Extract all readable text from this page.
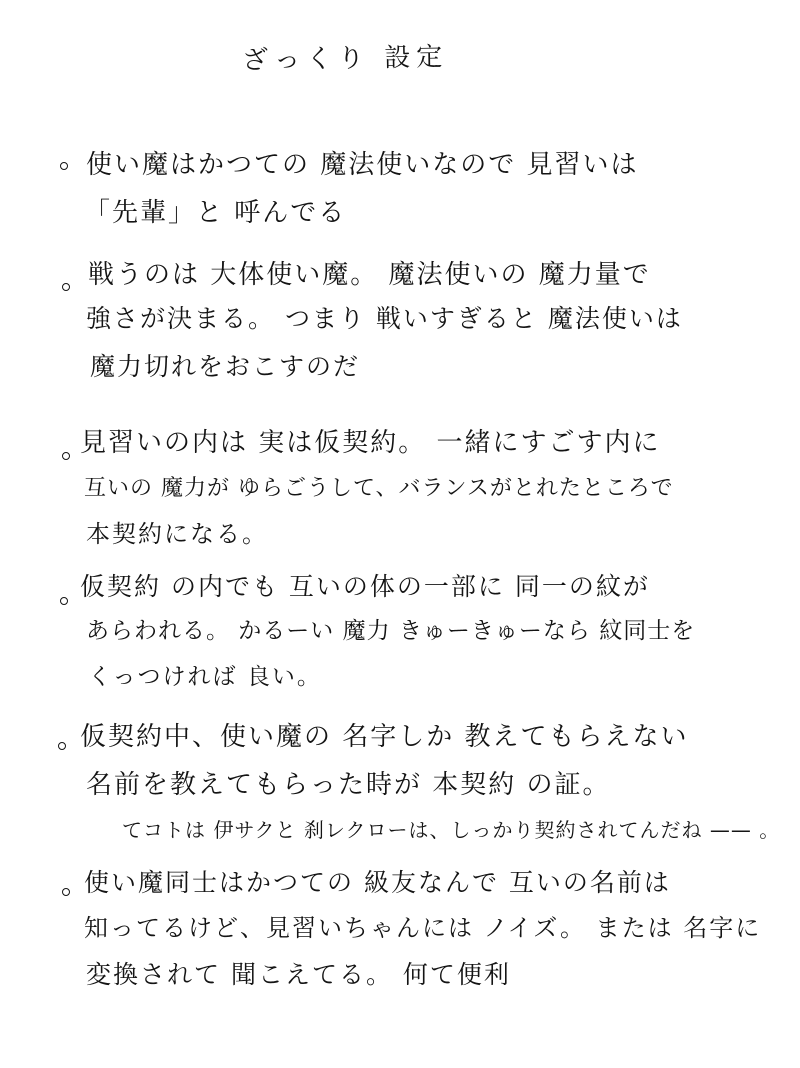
ざっくり 設定
使い魔はかつての 魔法使いなので 見習いは
「先輩」と 呼んでる
戦うのは 大体使い魔。 魔法使いの 魔力量で
強さが決まる。 つまり 戦いすぎると 魔法使いは
魔力切れをおこすのだ
見習いの内は 実は仮契約。 一緒にすごす内に
互いの 魔力が ゆらごうして、バランスがとれたところで
本契約になる。
仮契約 の内でも 互いの体の一部に 同一の紋が
あらわれる。 かるーい 魔力 きゅーきゅーなら 紋同士を
くっつければ 良い。
仮契約中、使い魔の 名字しか 教えてもらえない
名前を教えてもらった時が 本契約 の証。
てコトは 伊サクと 刹レクローは、しっかり契約されてんだね —— 。
使い魔同士はかつての 級友なんで 互いの名前は
知ってるけど、見習いちゃんには ノイズ。 または 名字に
変換されて 聞こえてる。 何て便利
